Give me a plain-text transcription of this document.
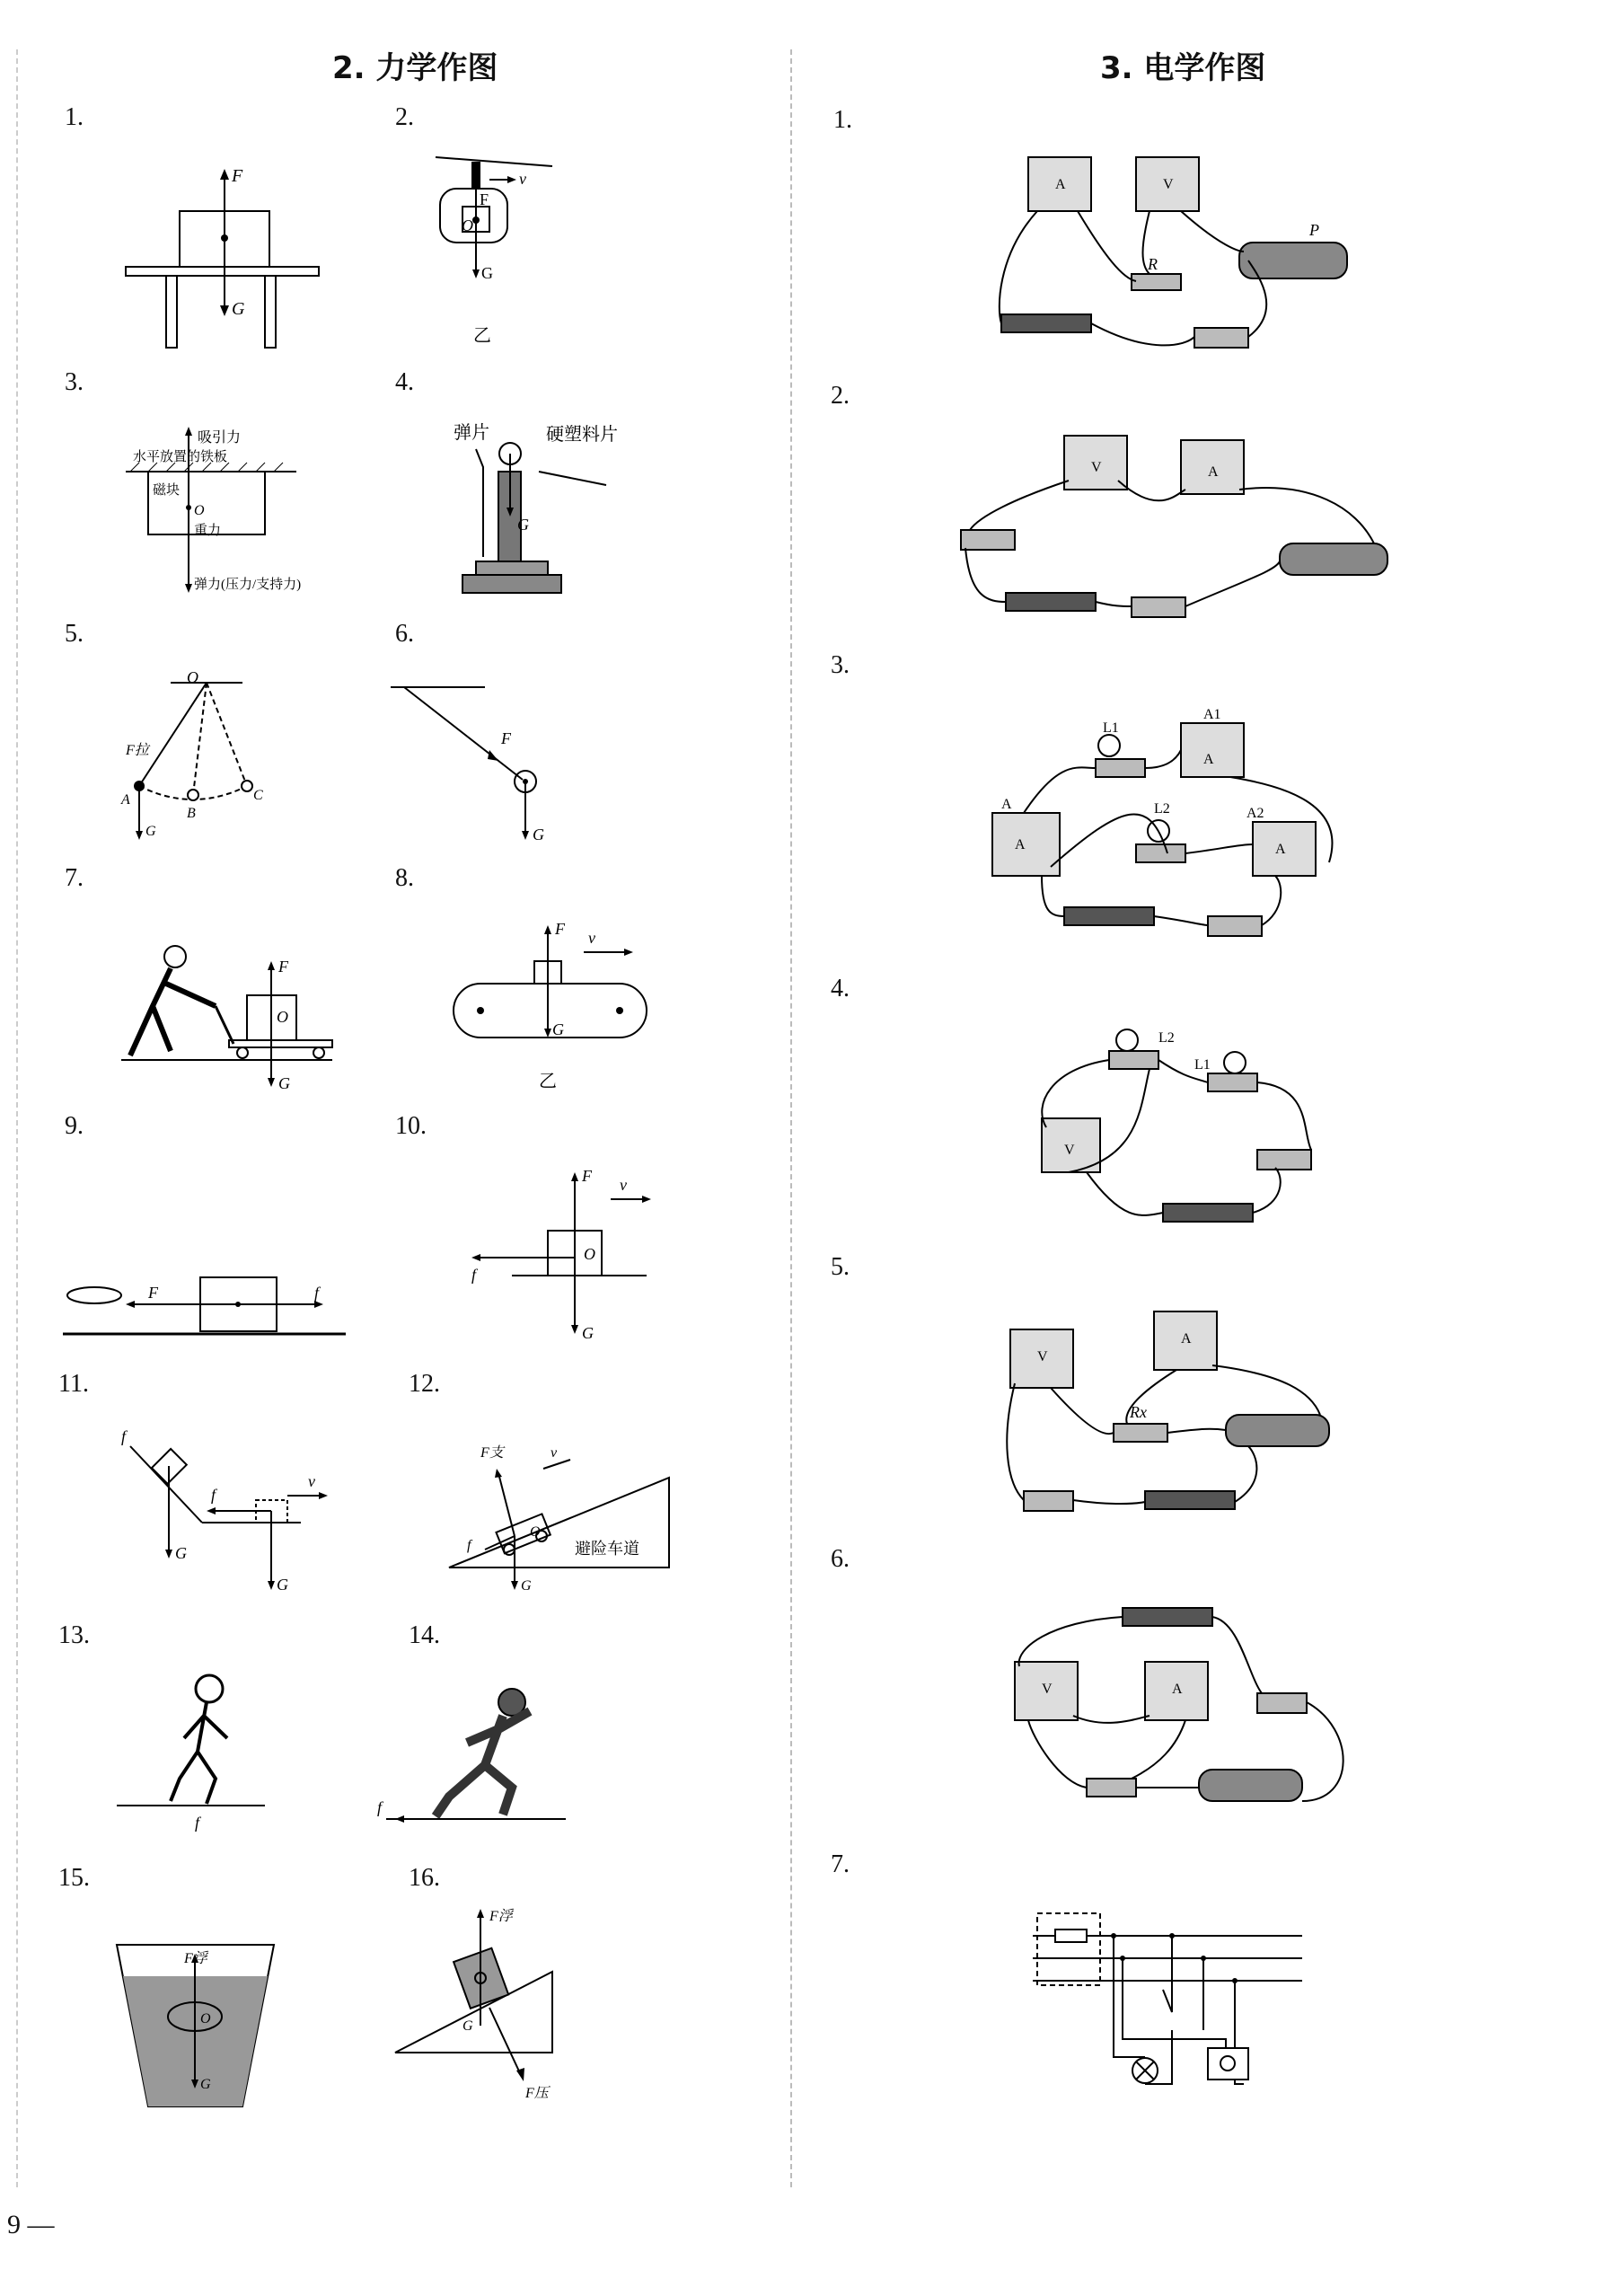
2. 力学作图
1.	2.
3.	4.
5.	6.
7.	8.
9.	10.
11.	12.
13.	14.
15.	16.
F
G
v
F
O
G
乙
吸引力
水平放置的铁板
磁块
O
重力
弹力(压力/支持力)
弹片	硬塑料片
G
O
F拉
A
B
C
G
F
G
F
O
G
F v
G
乙
F	f
F v
O
f
G
f
f
v
G
G
F支	v
f
O
避险车道
G
f
f
F浮
O
G
F浮
G
F压
3. 电学作图
1.
2.
3.
4.
5.
6.
7.
A	V
R
P
V	A
L1
L2
A1
A
A2
A
A	A
L2
L1
V
V
A
Rx
V	A
9 —
